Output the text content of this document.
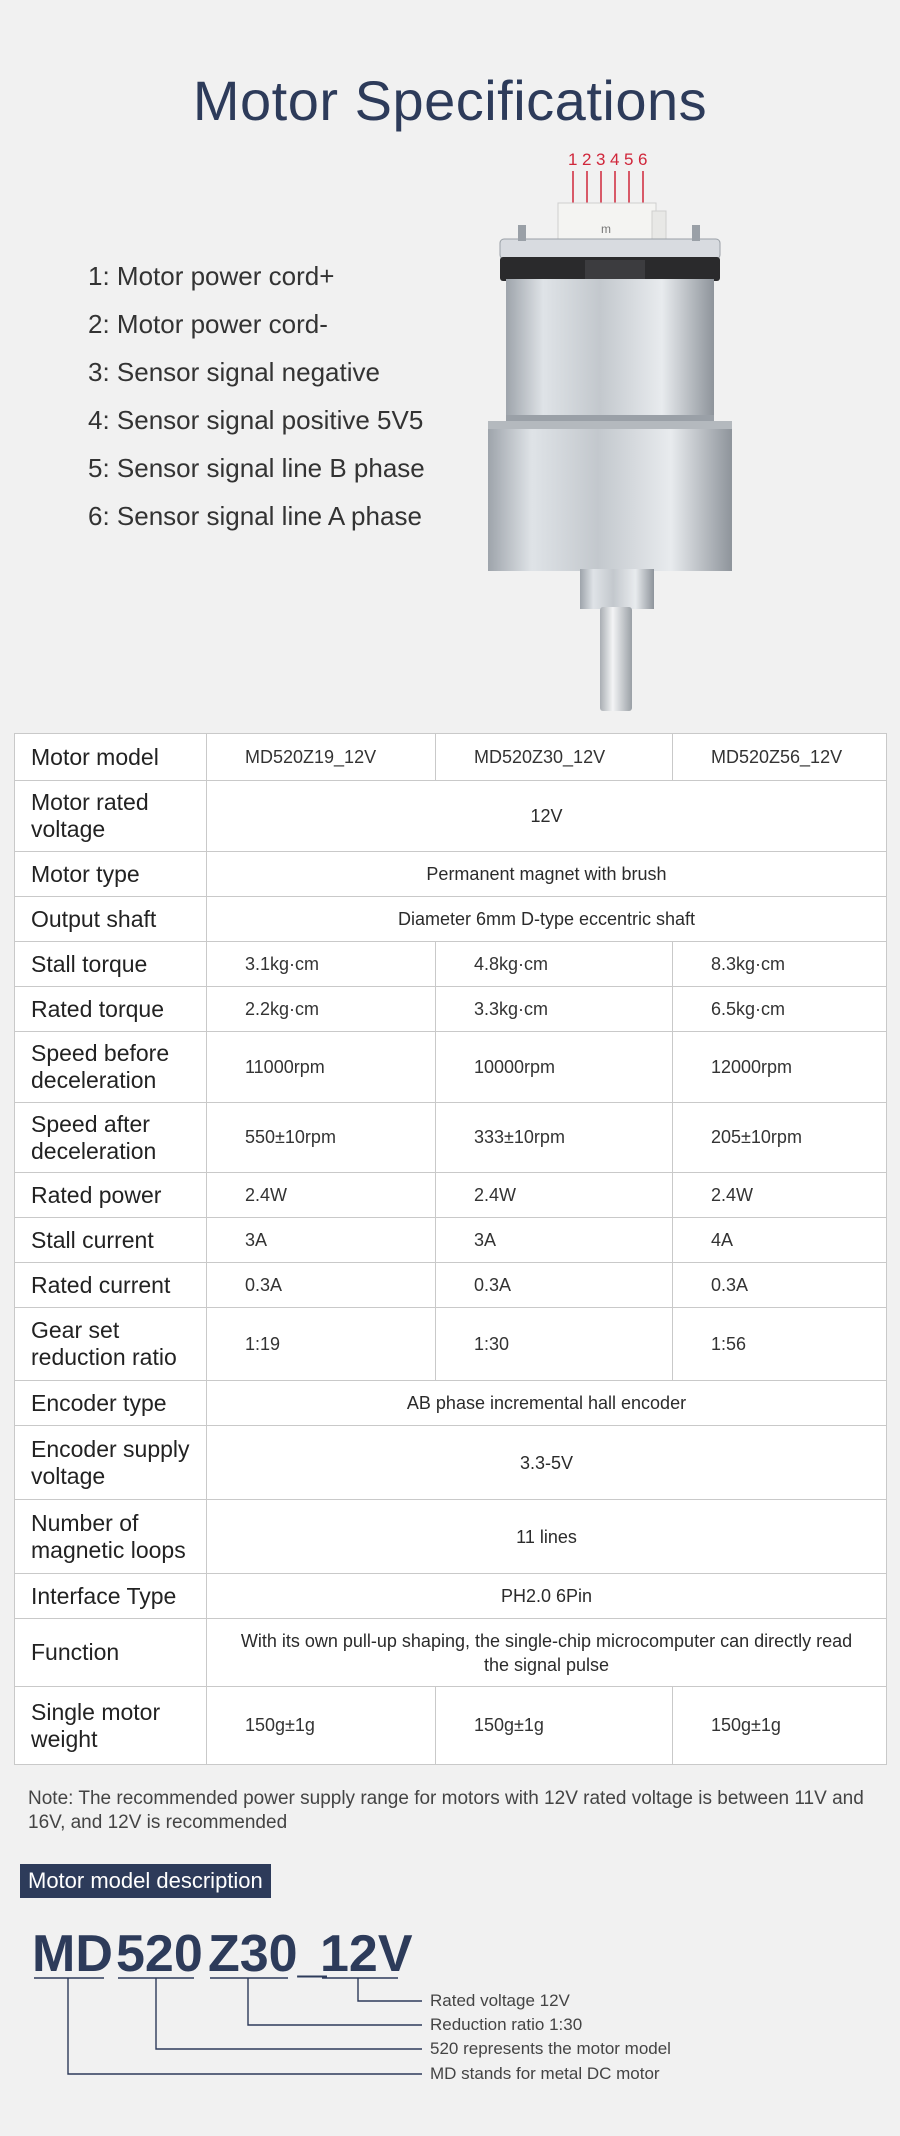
Motor Specifications
1: Motor power cord+
2: Motor power cord-
3: Sensor signal negative
4: Sensor signal positive 5V5
5: Sensor signal line B phase
6: Sensor signal line A phase
1 2 3 4 5 6
m
Motor model	MD520Z19_12V	MD520Z30_12V	MD520Z56_12V
Motor rated voltage	12V		
Motor type	Permanent magnet with brush		
Output shaft	Diameter 6mm D-type eccentric shaft		
Stall torque	3.1kg·cm	4.8kg·cm	8.3kg·cm
Rated torque	2.2kg·cm	3.3kg·cm	6.5kg·cm
Speed before deceleration	11000rpm	10000rpm	12000rpm
Speed after deceleration	550±10rpm	333±10rpm	205±10rpm
Rated power	2.4W	2.4W	2.4W
Stall current	3A	3A	4A
Rated current	0.3A	0.3A	0.3A
Gear set reduction ratio	1:19	1:30	1:56
Encoder type	AB phase incremental hall encoder		
Encoder supply voltage	3.3-5V		
Number of magnetic loops	11 lines		
Interface Type	PH2.0 6Pin		
Function	With its own pull-up shaping, the single-chip microcomputer can directly read the signal pulse		
Single motor weight	150g±1g	150g±1g	150g±1g
Note: The recommended power supply range for motors with 12V rated voltage is between 11V and 16V, and 12V is recommended
Motor model description
MD 520 Z30_
12V
Rated voltage 12V
Reduction ratio 1:30
520 represents the motor model
MD stands for metal DC motor
